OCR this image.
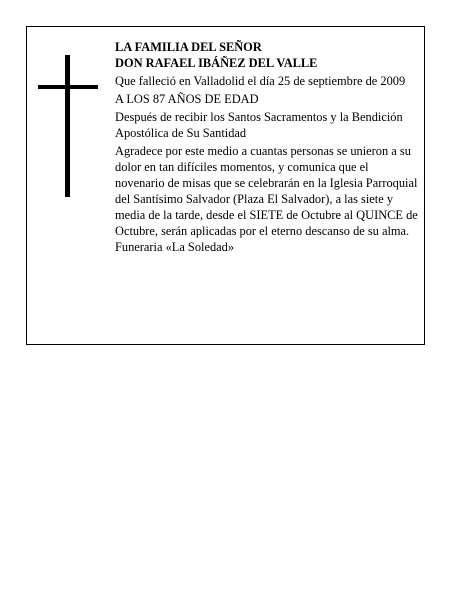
LA FAMILIA DEL SEÑOR

DON RAFAEL IBÁÑEZ DEL VALLE

Que falleció en Valladolid el día 25 de septiembre de 2009

A LOS 87 AÑOS DE EDAD

Después de recibir los Santos Sacramentos y la Bendición Apostólica de Su Santidad

Agradece por este medio a cuantas personas se unieron a su dolor en tan difíciles momentos, y comunica que el novenario de misas que se celebrarán en la Iglesia Parroquial del Santísimo Salvador (Plaza El Salvador), a las siete y media de la tarde, desde el SIETE de Octubre al QUINCE de Octubre, serán aplicadas por el eterno descanso de su alma.

Funeraria «La Soledad»
